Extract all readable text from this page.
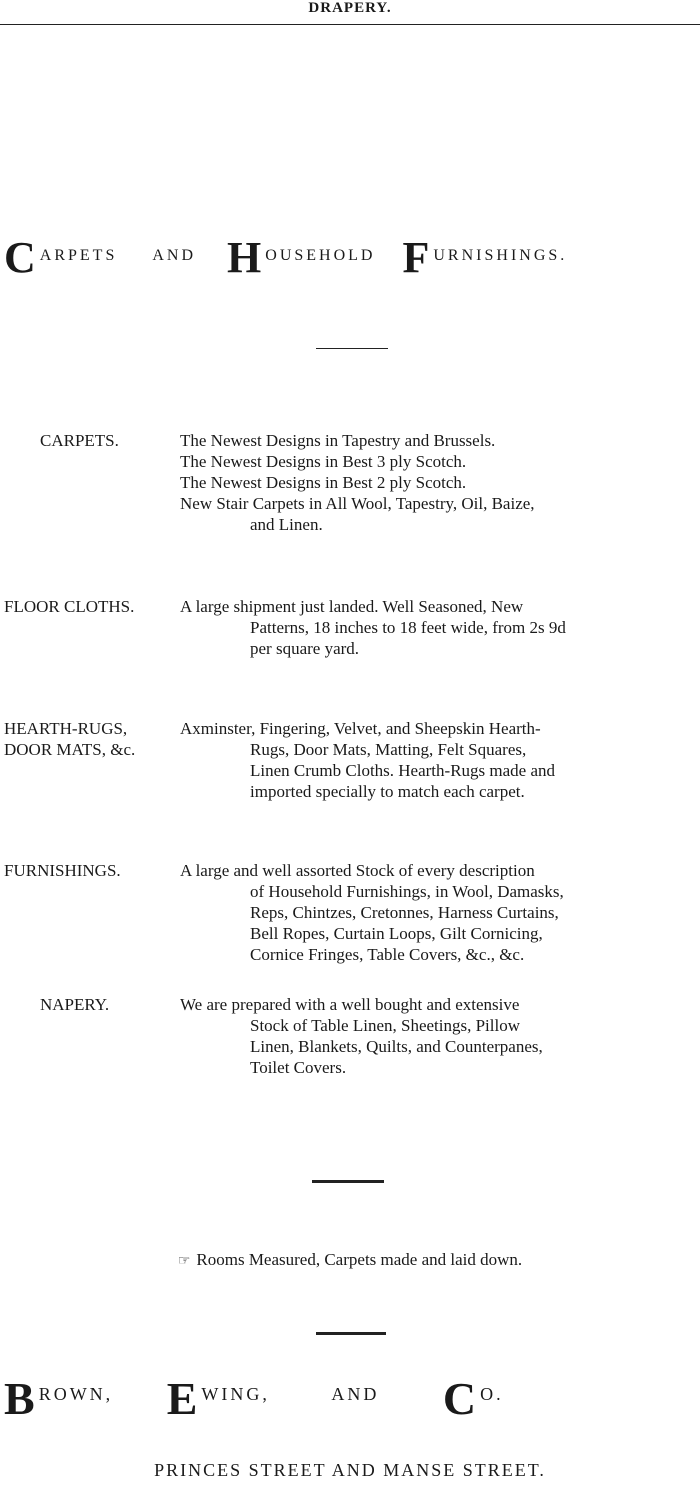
DRAPERY.
CARPETS AND H OUSEHOLD F URNISHINGS.
CARPETS.	The Newest Designs in Tapestry and Brussels.
The Newest Designs in Best 3 ply Scotch.
The Newest Designs in Best 2 ply Scotch.
New Stair Carpets in All Wool, Tapestry, Oil, Baize,
and Linen.
FLOOR CLOTHS.	A large shipment just landed. Well Seasoned, New
Patterns, 18 inches to 18 feet wide, from 2s 9d
per square yard.
HEARTH-RUGS,
DOOR MATS, &c.
Axminster, Fingering, Velvet, and Sheepskin Hearth-
Rugs, Door Mats, Matting, Felt Squares,
Linen Crumb Cloths. Hearth-Rugs made and
imported specially to match each carpet.
FURNISHINGS.	A large and well assorted Stock of every description
of Household Furnishings, in Wool, Damasks,
Reps, Chintzes, Cretonnes, Harness Curtains,
Bell Ropes, Curtain Loops, Gilt Cornicing,
Cornice Fringes, Table Covers, &c., &c.
NAPERY.	We are prepared with a well bought and extensive
Stock of Table Linen, Sheetings, Pillow
Linen, Blankets, Quilts, and Counterpanes,
Toilet Covers.
☞ Rooms Measured, Carpets made and laid down.
BROWN, E WING,	AND C O.
PRINCES STREET AND MANSE STREET.
